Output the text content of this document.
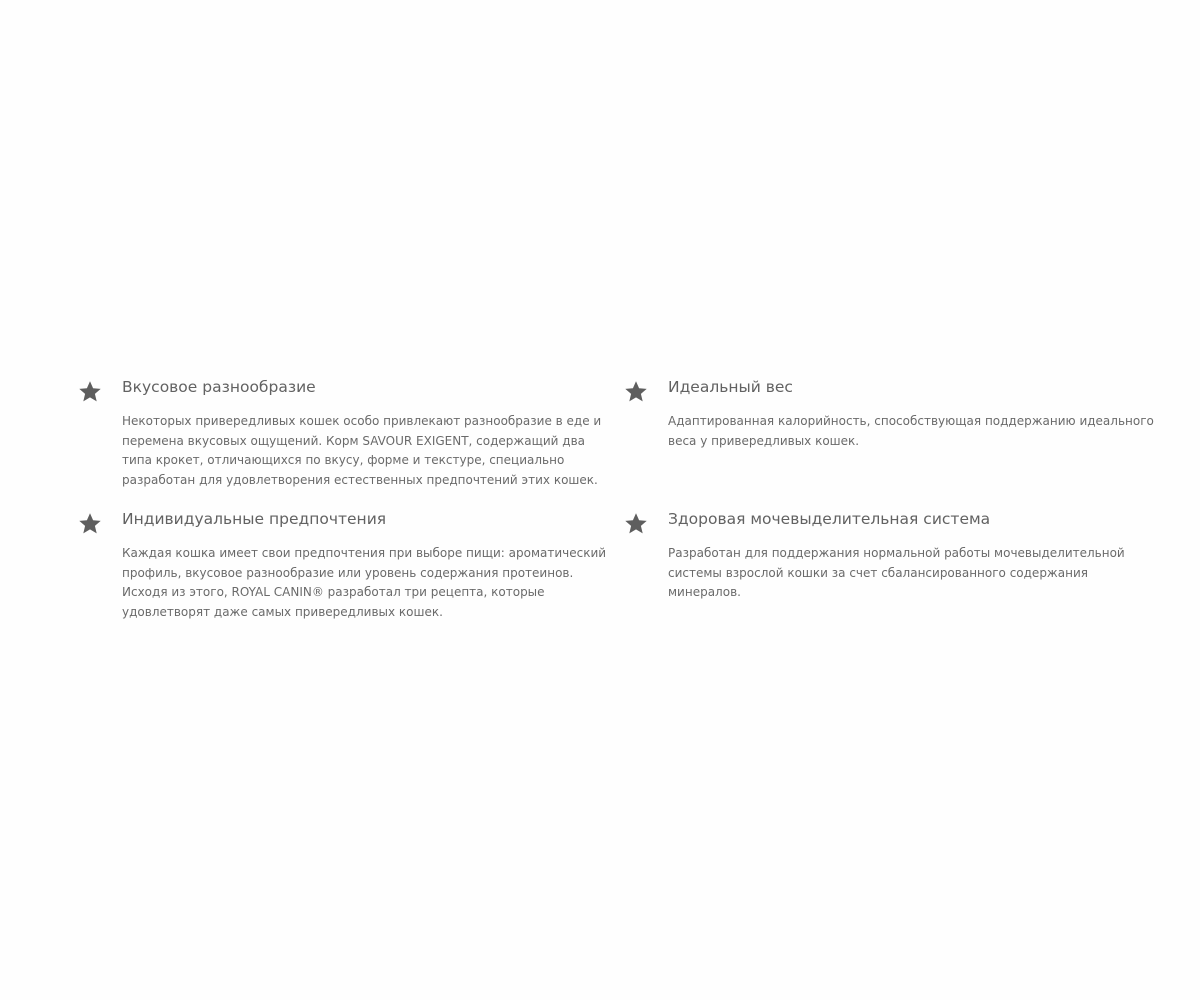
Вкусовое разнообразие

Некоторых привередливых кошек особо привлекают разнообразие в еде и перемена вкусовых ощущений. Корм SAVOUR EXIGENT, содержащий два типа крокет, отличающихся по вкусу, форме и текстуре, специально разработан для удовлетворения естественных предпочтений этих кошек.

Идеальный вес

Адаптированная калорийность, способствующая поддержанию идеального веса у привередливых кошек.

Индивидуальные предпочтения

Каждая кошка имеет свои предпочтения при выборе пищи: ароматический профиль, вкусовое разнообразие или уровень содержания протеинов. Исходя из этого, ROYAL CANIN® разработал три рецепта, которые удовлетворят даже самых привередливых кошек.

Здоровая мочевыделительная система

Разработан для поддержания нормальной работы мочевыделительной системы взрослой кошки за счет сбалансированного содержания минералов.
